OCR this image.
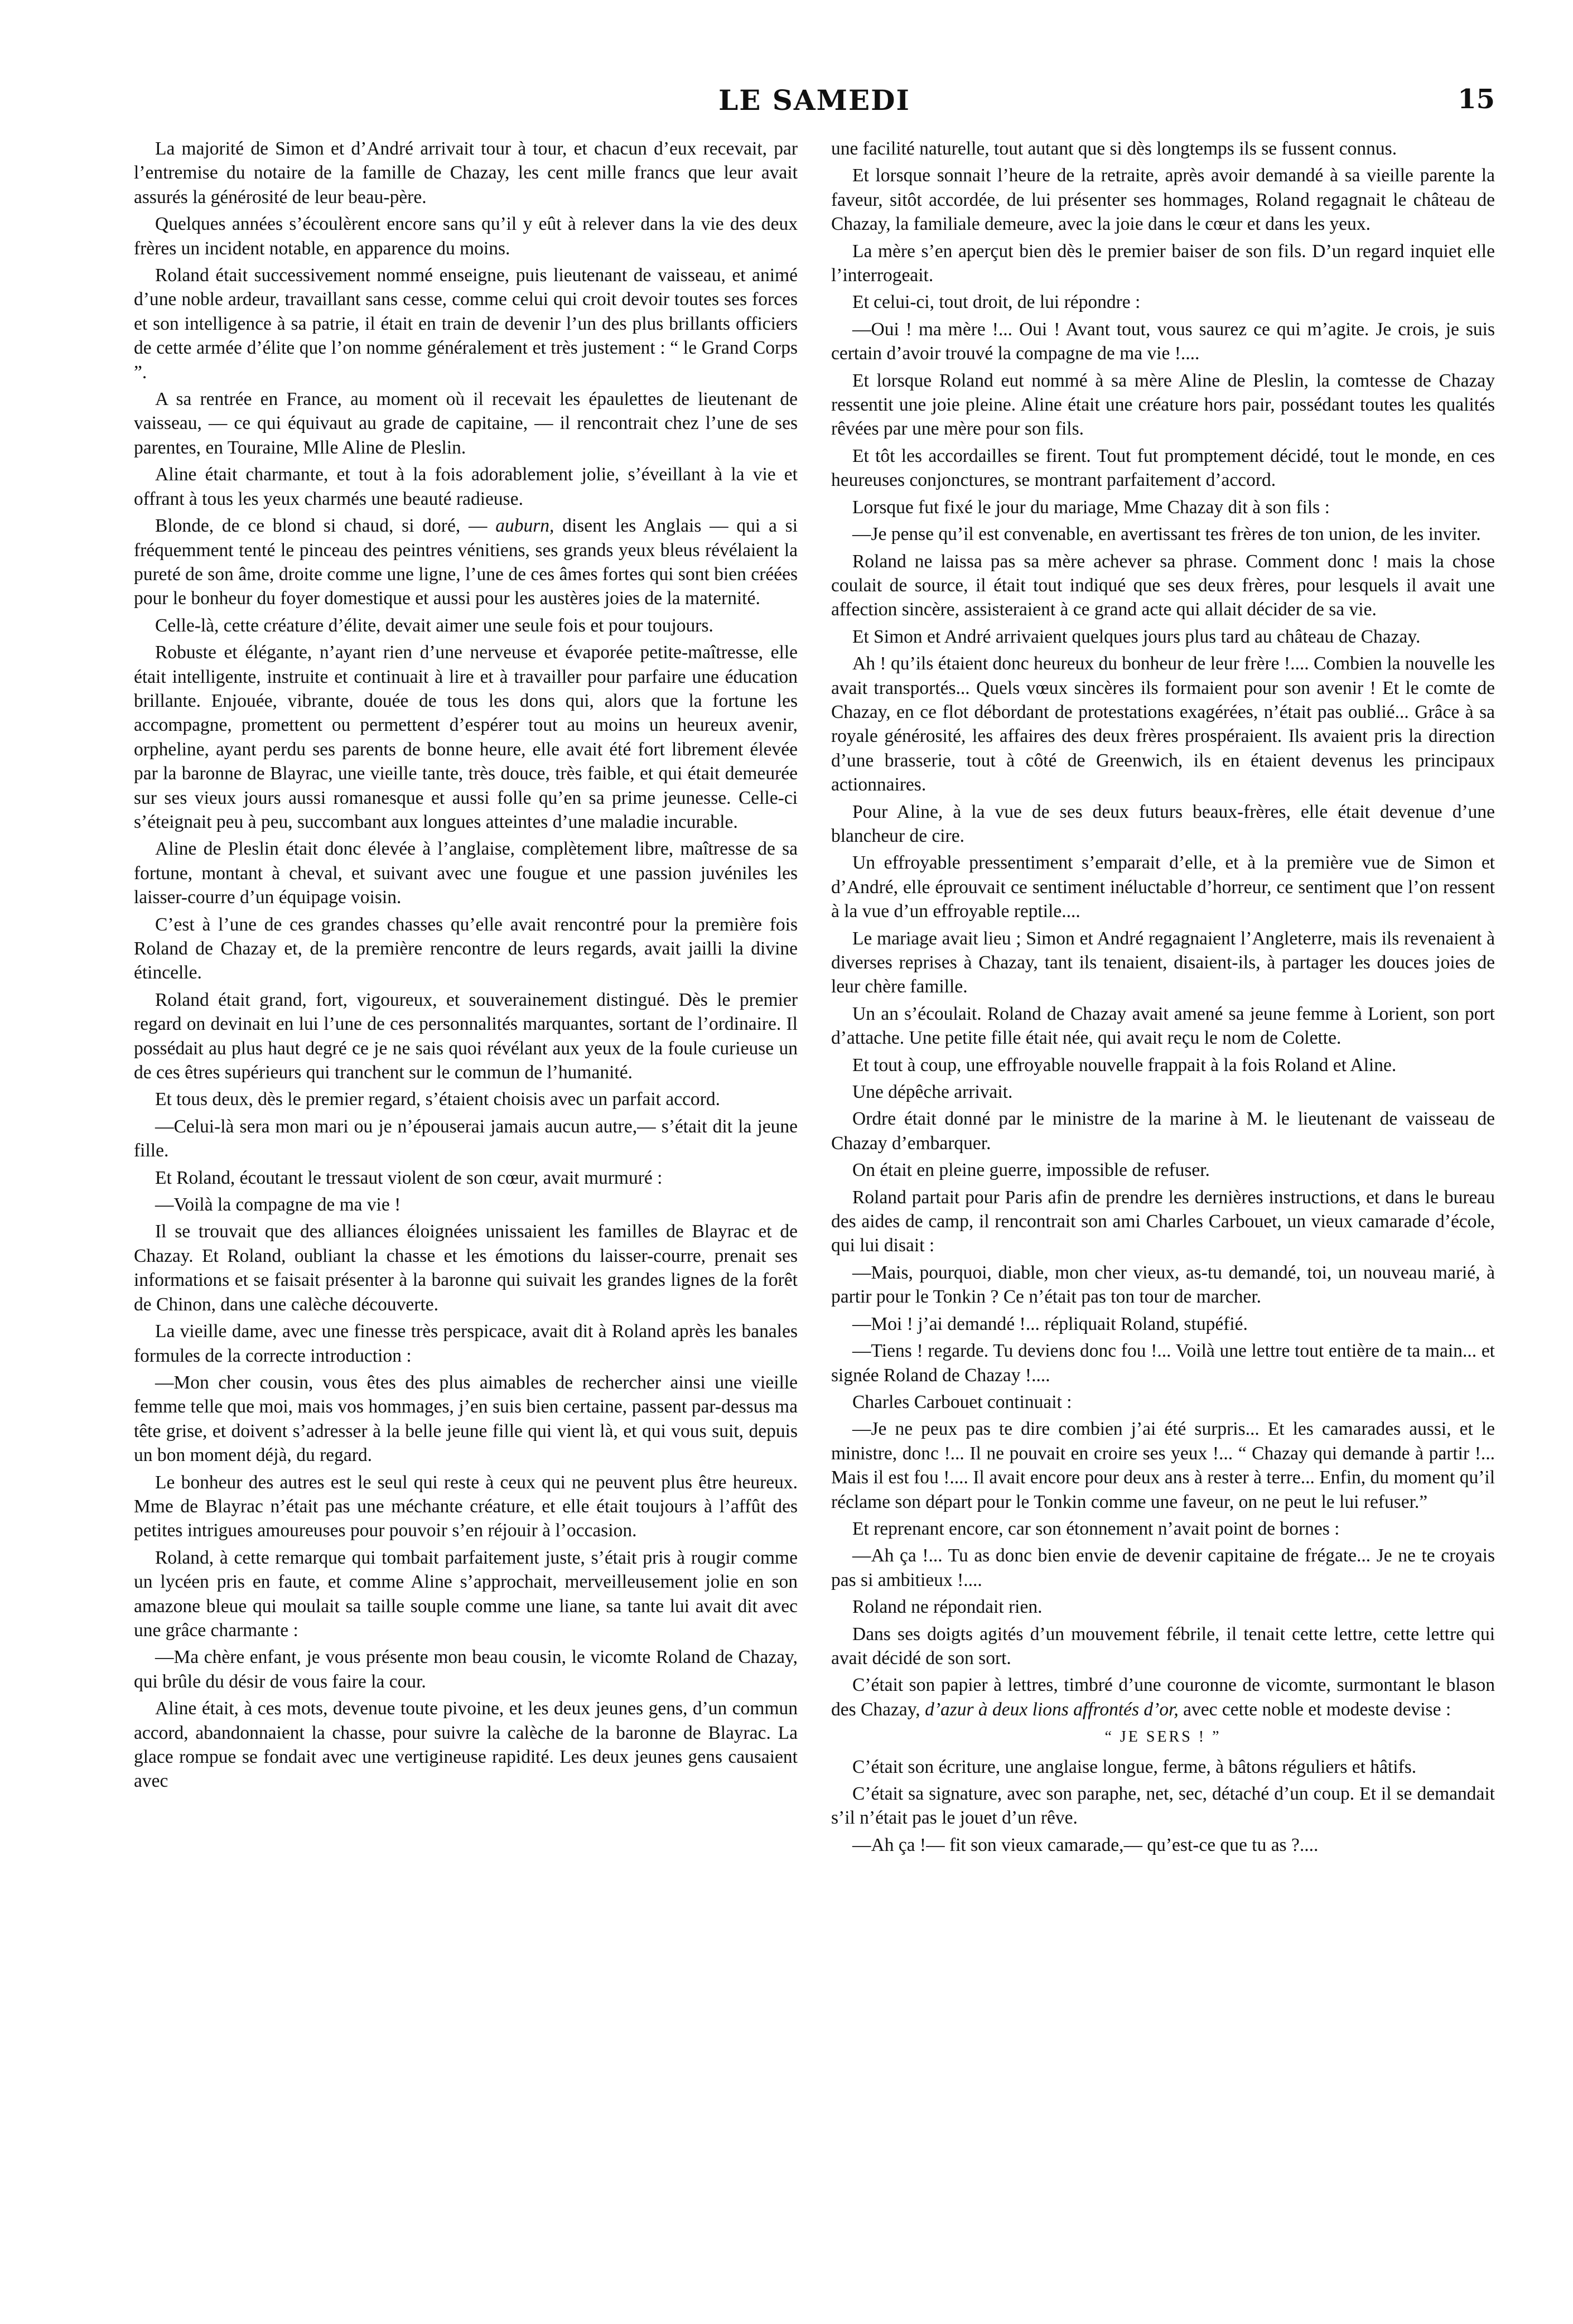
LE SAMEDI	15

La majorité de Simon et d’André arrivait tour à tour, et chacun d’eux recevait, par l’entremise du notaire de la famille de Chazay, les cent mille francs que leur avait assurés la générosité de leur beau-père.

Quelques années s’écoulèrent encore sans qu’il y eût à relever dans la vie des deux frères un incident notable, en apparence du moins.

Roland était successivement nommé enseigne, puis lieutenant de vaisseau, et animé d’une noble ardeur, travaillant sans cesse, comme celui qui croit devoir toutes ses forces et son intelligence à sa patrie, il était en train de devenir l’un des plus brillants officiers de cette armée d’élite que l’on nomme généralement et très justement : “ le Grand Corps ”.

A sa rentrée en France, au moment où il recevait les épaulettes de lieutenant de vaisseau, — ce qui équivaut au grade de capitaine, — il rencontrait chez l’une de ses parentes, en Touraine, Mlle Aline de Pleslin.

Aline était charmante, et tout à la fois adorablement jolie, s’éveillant à la vie et offrant à tous les yeux charmés une beauté radieuse.

Blonde, de ce blond si chaud, si doré, — auburn, disent les Anglais — qui a si fréquemment tenté le pinceau des peintres vénitiens, ses grands yeux bleus révélaient la pureté de son âme, droite comme une ligne, l’une de ces âmes fortes qui sont bien créées pour le bonheur du foyer domestique et aussi pour les austères joies de la maternité.

Celle-là, cette créature d’élite, devait aimer une seule fois et pour toujours.

Robuste et élégante, n’ayant rien d’une nerveuse et évaporée petite-maîtresse, elle était intelligente, instruite et continuait à lire et à travailler pour parfaire une éducation brillante. Enjouée, vibrante, douée de tous les dons qui, alors que la fortune les accompagne, promettent ou permettent d’espérer tout au moins un heureux avenir, orpheline, ayant perdu ses parents de bonne heure, elle avait été fort librement élevée par la baronne de Blayrac, une vieille tante, très douce, très faible, et qui était demeurée sur ses vieux jours aussi romanesque et aussi folle qu’en sa prime jeunesse. Celle-ci s’éteignait peu à peu, succombant aux longues atteintes d’une maladie incurable.

Aline de Pleslin était donc élevée à l’anglaise, complètement libre, maîtresse de sa fortune, montant à cheval, et suivant avec une fougue et une passion juvéniles les laisser-courre d’un équipage voisin.

C’est à l’une de ces grandes chasses qu’elle avait rencontré pour la première fois Roland de Chazay et, de la première rencontre de leurs regards, avait jailli la divine étincelle.

Roland était grand, fort, vigoureux, et souverainement distingué. Dès le premier regard on devinait en lui l’une de ces personnalités marquantes, sortant de l’ordinaire. Il possédait au plus haut degré ce je ne sais quoi révélant aux yeux de la foule curieuse un de ces êtres supérieurs qui tranchent sur le commun de l’humanité.

Et tous deux, dès le premier regard, s’étaient choisis avec un parfait accord.

—Celui-là sera mon mari ou je n’épouserai jamais aucun autre,— s’était dit la jeune fille.

Et Roland, écoutant le tressaut violent de son cœur, avait murmuré :

—Voilà la compagne de ma vie !

Il se trouvait que des alliances éloignées unissaient les familles de Blayrac et de Chazay. Et Roland, oubliant la chasse et les émotions du laisser-courre, prenait ses informations et se faisait présenter à la baronne qui suivait les grandes lignes de la forêt de Chinon, dans une calèche découverte.

La vieille dame, avec une finesse très perspicace, avait dit à Roland après les banales formules de la correcte introduction :

—Mon cher cousin, vous êtes des plus aimables de rechercher ainsi une vieille femme telle que moi, mais vos hommages, j’en suis bien certaine, passent par-dessus ma tête grise, et doivent s’adresser à la belle jeune fille qui vient là, et qui vous suit, depuis un bon moment déjà, du regard.

Le bonheur des autres est le seul qui reste à ceux qui ne peuvent plus être heureux. Mme de Blayrac n’était pas une méchante créature, et elle était toujours à l’affût des petites intrigues amoureuses pour pouvoir s’en réjouir à l’occasion.

Roland, à cette remarque qui tombait parfaitement juste, s’était pris à rougir comme un lycéen pris en faute, et comme Aline s’approchait, merveilleusement jolie en son amazone bleue qui moulait sa taille souple comme une liane, sa tante lui avait dit avec une grâce charmante :

—Ma chère enfant, je vous présente mon beau cousin, le vicomte Roland de Chazay, qui brûle du désir de vous faire la cour.

Aline était, à ces mots, devenue toute pivoine, et les deux jeunes gens, d’un commun accord, abandonnaient la chasse, pour suivre la calèche de la baronne de Blayrac. La glace rompue se fondait avec une vertigineuse rapidité. Les deux jeunes gens causaient avec

une facilité naturelle, tout autant que si dès longtemps ils se fussent connus.

Et lorsque sonnait l’heure de la retraite, après avoir demandé à sa vieille parente la faveur, sitôt accordée, de lui présenter ses hommages, Roland regagnait le château de Chazay, la familiale demeure, avec la joie dans le cœur et dans les yeux.

La mère s’en aperçut bien dès le premier baiser de son fils. D’un regard inquiet elle l’interrogeait.

Et celui-ci, tout droit, de lui répondre :

—Oui ! ma mère !... Oui ! Avant tout, vous saurez ce qui m’agite. Je crois, je suis certain d’avoir trouvé la compagne de ma vie !....

Et lorsque Roland eut nommé à sa mère Aline de Pleslin, la comtesse de Chazay ressentit une joie pleine. Aline était une créature hors pair, possédant toutes les qualités rêvées par une mère pour son fils.

Et tôt les accordailles se firent. Tout fut promptement décidé, tout le monde, en ces heureuses conjonctures, se montrant parfaitement d’accord.

Lorsque fut fixé le jour du mariage, Mme Chazay dit à son fils :

—Je pense qu’il est convenable, en avertissant tes frères de ton union, de les inviter.

Roland ne laissa pas sa mère achever sa phrase. Comment donc ! mais la chose coulait de source, il était tout indiqué que ses deux frères, pour lesquels il avait une affection sincère, assisteraient à ce grand acte qui allait décider de sa vie.

Et Simon et André arrivaient quelques jours plus tard au château de Chazay.

Ah ! qu’ils étaient donc heureux du bonheur de leur frère !.... Combien la nouvelle les avait transportés... Quels vœux sincères ils formaient pour son avenir ! Et le comte de Chazay, en ce flot débordant de protestations exagérées, n’était pas oublié... Grâce à sa royale générosité, les affaires des deux frères prospéraient. Ils avaient pris la direction d’une brasserie, tout à côté de Greenwich, ils en étaient devenus les principaux actionnaires.

Pour Aline, à la vue de ses deux futurs beaux-frères, elle était devenue d’une blancheur de cire.

Un effroyable pressentiment s’emparait d’elle, et à la première vue de Simon et d’André, elle éprouvait ce sentiment inéluctable d’horreur, ce sentiment que l’on ressent à la vue d’un effroyable reptile....

Le mariage avait lieu ; Simon et André regagnaient l’Angleterre, mais ils revenaient à diverses reprises à Chazay, tant ils tenaient, disaient-ils, à partager les douces joies de leur chère famille.

Un an s’écoulait. Roland de Chazay avait amené sa jeune femme à Lorient, son port d’attache. Une petite fille était née, qui avait reçu le nom de Colette.

Et tout à coup, une effroyable nouvelle frappait à la fois Roland et Aline.

Une dépêche arrivait.

Ordre était donné par le ministre de la marine à M. le lieutenant de vaisseau de Chazay d’embarquer.

On était en pleine guerre, impossible de refuser.

Roland partait pour Paris afin de prendre les dernières instructions, et dans le bureau des aides de camp, il rencontrait son ami Charles Carbouet, un vieux camarade d’école, qui lui disait :

—Mais, pourquoi, diable, mon cher vieux, as-tu demandé, toi, un nouveau marié, à partir pour le Tonkin ? Ce n’était pas ton tour de marcher.

—Moi ! j’ai demandé !... répliquait Roland, stupéfié.

—Tiens ! regarde. Tu deviens donc fou !... Voilà une lettre tout entière de ta main... et signée Roland de Chazay !....

Charles Carbouet continuait :

—Je ne peux pas te dire combien j’ai été surpris... Et les camarades aussi, et le ministre, donc !... Il ne pouvait en croire ses yeux !... “ Chazay qui demande à partir !... Mais il est fou !.... Il avait encore pour deux ans à rester à terre... Enfin, du moment qu’il réclame son départ pour le Tonkin comme une faveur, on ne peut le lui refuser.”

Et reprenant encore, car son étonnement n’avait point de bornes :

—Ah ça !... Tu as donc bien envie de devenir capitaine de frégate... Je ne te croyais pas si ambitieux !....

Roland ne répondait rien.

Dans ses doigts agités d’un mouvement fébrile, il tenait cette lettre, cette lettre qui avait décidé de son sort.

C’était son papier à lettres, timbré d’une couronne de vicomte, surmontant le blason des Chazay, d’azur à deux lions affrontés d’or, avec cette noble et modeste devise :

“ JE SERS ! ”

C’était son écriture, une anglaise longue, ferme, à bâtons réguliers et hâtifs.

C’était sa signature, avec son paraphe, net, sec, détaché d’un coup. Et il se demandait s’il n’était pas le jouet d’un rêve.

—Ah ça !— fit son vieux camarade,— qu’est-ce que tu as ?....
